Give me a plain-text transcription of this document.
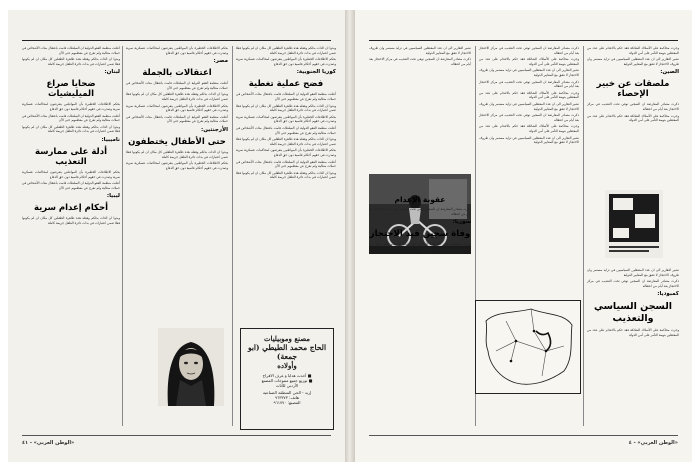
وبدوا ان الذات بذلكم وفعله هذه ظاهرة الطفلين كل مكان ان لم يكونوا فعلا ضمن اعتبارات في بدات دائرة الطفل جريمة كاملة

بحكم الاطلاعات الخطيرة بأن المواطنين يتعرضون لمحاكمات عسكرية سرية وصدرت في حقهم أحكام قاسية دون حق الدفاع

كوريا الجنوبية:
فضح عملية تغطية

أعلنت منظمة العفو الدولية ان السلطات قامت باعتقال مئات الأشخاص في حملات متتالية ولم تفرج عن معظمهم حتى الآن

وبدوا ان الذات بذلكم وفعله هذه ظاهرة الطفلين كل مكان ان لم يكونوا فعلا ضمن اعتبارات في بدات دائرة الطفل جريمة كاملة

بحكم الاطلاعات الخطيرة بأن المواطنين يتعرضون لمحاكمات عسكرية سرية وصدرت في حقهم أحكام قاسية دون حق الدفاع

أعلنت منظمة العفو الدولية ان السلطات قامت باعتقال مئات الأشخاص في حملات متتالية ولم تفرج عن معظمهم حتى الآن

وبدوا ان الذات بذلكم وفعله هذه ظاهرة الطفلين كل مكان ان لم يكونوا فعلا ضمن اعتبارات في بدات دائرة الطفل جريمة كاملة

بحكم الاطلاعات الخطيرة بأن المواطنين يتعرضون لمحاكمات عسكرية سرية وصدرت في حقهم أحكام قاسية دون حق الدفاع

أعلنت منظمة العفو الدولية ان السلطات قامت باعتقال مئات الأشخاص في حملات متتالية ولم تفرج عن معظمهم حتى الآن

وبدوا ان الذات بذلكم وفعله هذه ظاهرة الطفلين كل مكان ان لم يكونوا فعلا ضمن اعتبارات في بدات دائرة الطفل جريمة كاملة

مصنع وموبيليات
الحاج محمد الطيطي (ابو جمعة)
وأولاده
■ أحدث هدايا و غرف الافراح
■ توزيع جميع منتوجات المصنع
الأردني للأثاث
إربد - الحي المنطقة الصناعية
هاتف: ٩٦٣٣٧٣
المصنع: ٩٦١٧٧٠

بحكم الاطلاعات الخطيرة بأن المواطنين يتعرضون لمحاكمات عسكرية سرية وصدرت في حقهم أحكام قاسية دون حق الدفاع

مصر:
اعتقالات بالجملة

أعلنت منظمة العفو الدولية ان السلطات قامت باعتقال مئات الأشخاص في حملات متتالية ولم تفرج عن معظمهم حتى الآن

وبدوا ان الذات بذلكم وفعله هذه ظاهرة الطفلين كل مكان ان لم يكونوا فعلا ضمن اعتبارات في بدات دائرة الطفل جريمة كاملة

بحكم الاطلاعات الخطيرة بأن المواطنين يتعرضون لمحاكمات عسكرية سرية وصدرت في حقهم أحكام قاسية دون حق الدفاع

أعلنت منظمة العفو الدولية ان السلطات قامت باعتقال مئات الأشخاص في حملات متتالية ولم تفرج عن معظمهم حتى الآن

الأرجنتين:
حتى الأطفال يختطفون

وبدوا ان الذات بذلكم وفعله هذه ظاهرة الطفلين كل مكان ان لم يكونوا فعلا ضمن اعتبارات في بدات دائرة الطفل جريمة كاملة

بحكم الاطلاعات الخطيرة بأن المواطنين يتعرضون لمحاكمات عسكرية سرية وصدرت في حقهم أحكام قاسية دون حق الدفاع

أعلنت منظمة العفو الدولية ان السلطات قامت باعتقال مئات الأشخاص في حملات متتالية ولم تفرج عن معظمهم حتى الآن

وبدوا ان الذات بذلكم وفعله هذه ظاهرة الطفلين كل مكان ان لم يكونوا فعلا ضمن اعتبارات في بدات دائرة الطفل جريمة كاملة

لبنان:
ضحايا صراع الميليشيات

بحكم الاطلاعات الخطيرة بأن المواطنين يتعرضون لمحاكمات عسكرية سرية وصدرت في حقهم أحكام قاسية دون حق الدفاع

أعلنت منظمة العفو الدولية ان السلطات قامت باعتقال مئات الأشخاص في حملات متتالية ولم تفرج عن معظمهم حتى الآن

وبدوا ان الذات بذلكم وفعله هذه ظاهرة الطفلين كل مكان ان لم يكونوا فعلا ضمن اعتبارات في بدات دائرة الطفل جريمة كاملة

ناميبيا:
أدلة على ممارسة التعذيب

بحكم الاطلاعات الخطيرة بأن المواطنين يتعرضون لمحاكمات عسكرية سرية وصدرت في حقهم أحكام قاسية دون حق الدفاع

أعلنت منظمة العفو الدولية ان السلطات قامت باعتقال مئات الأشخاص في حملات متتالية ولم تفرج عن معظمهم حتى الآن

ليبيا:
أحكام إعدام سرية

وبدوا ان الذات بذلكم وفعله هذه ظاهرة الطفلين كل مكان ان لم يكونوا فعلا ضمن اعتبارات في بدات دائرة الطفل جريمة كاملة

«الوطن العربي» - ٤١

وجرت محاكمة على الأسلاك الشائكة فقد حكم بالاعدام على عدد من المعتقلين بتهمة التآمر على أمن الدولة

تشير التقارير الى ان عدد المعتقلين السياسيين في تزايد مستمر وان ظروف الاحتجاز لا تتفق مع المعايير الدولية

الصين:
ملصقات عن خبير الإحصاء

ذكرت مصادر المعارضة ان السجين توفي تحت التعذيب في مركز الاحتجاز بعد أيام من اعتقاله

وجرت محاكمة على الأسلاك الشائكة فقد حكم بالاعدام على عدد من المعتقلين بتهمة التآمر على أمن الدولة

تشير التقارير الى ان عدد المعتقلين السياسيين في تزايد مستمر وان ظروف الاحتجاز لا تتفق مع المعايير الدولية

ذكرت مصادر المعارضة ان السجين توفي تحت التعذيب في مركز الاحتجاز بعد أيام من اعتقاله

كمبوديا:
السجن السياسي والتعذيب

وجرت محاكمة على الأسلاك الشائكة فقد حكم بالاعدام على عدد من المعتقلين بتهمة التآمر على أمن الدولة

ذكرت مصادر المعارضة ان السجين توفي تحت التعذيب في مركز الاحتجاز بعد أيام من اعتقاله

وجرت محاكمة على الأسلاك الشائكة فقد حكم بالاعدام على عدد من المعتقلين بتهمة التآمر على أمن الدولة

تشير التقارير الى ان عدد المعتقلين السياسيين في تزايد مستمر وان ظروف الاحتجاز لا تتفق مع المعايير الدولية

ذكرت مصادر المعارضة ان السجين توفي تحت التعذيب في مركز الاحتجاز بعد أيام من اعتقاله

وجرت محاكمة على الأسلاك الشائكة فقد حكم بالاعدام على عدد من المعتقلين بتهمة التآمر على أمن الدولة

تشير التقارير الى ان عدد المعتقلين السياسيين في تزايد مستمر وان ظروف الاحتجاز لا تتفق مع المعايير الدولية

ذكرت مصادر المعارضة ان السجين توفي تحت التعذيب في مركز الاحتجاز بعد أيام من اعتقاله

وجرت محاكمة على الأسلاك الشائكة فقد حكم بالاعدام على عدد من المعتقلين بتهمة التآمر على أمن الدولة

تشير التقارير الى ان عدد المعتقلين السياسيين في تزايد مستمر وان ظروف الاحتجاز لا تتفق مع المعايير الدولية

تشير التقارير الى ان عدد المعتقلين السياسيين في تزايد مستمر وان ظروف الاحتجاز لا تتفق مع المعايير الدولية

ذكرت مصادر المعارضة ان السجين توفي تحت التعذيب في مركز الاحتجاز بعد أيام من اعتقاله

عقوبة الإعدام

ذكرت مصادر المعارضة ان السجين توفي تحت التعذيب في مركز الاحتجاز بعد أيام من اعتقاله

سوريا:
وفاة سجين قيد الاحتجاز

وجرت محاكمة على الأسلاك الشائكة فقد حكم بالاعدام على عدد من المعتقلين بتهمة التآمر على أمن الدولة

«الوطن العربي» - ٤
